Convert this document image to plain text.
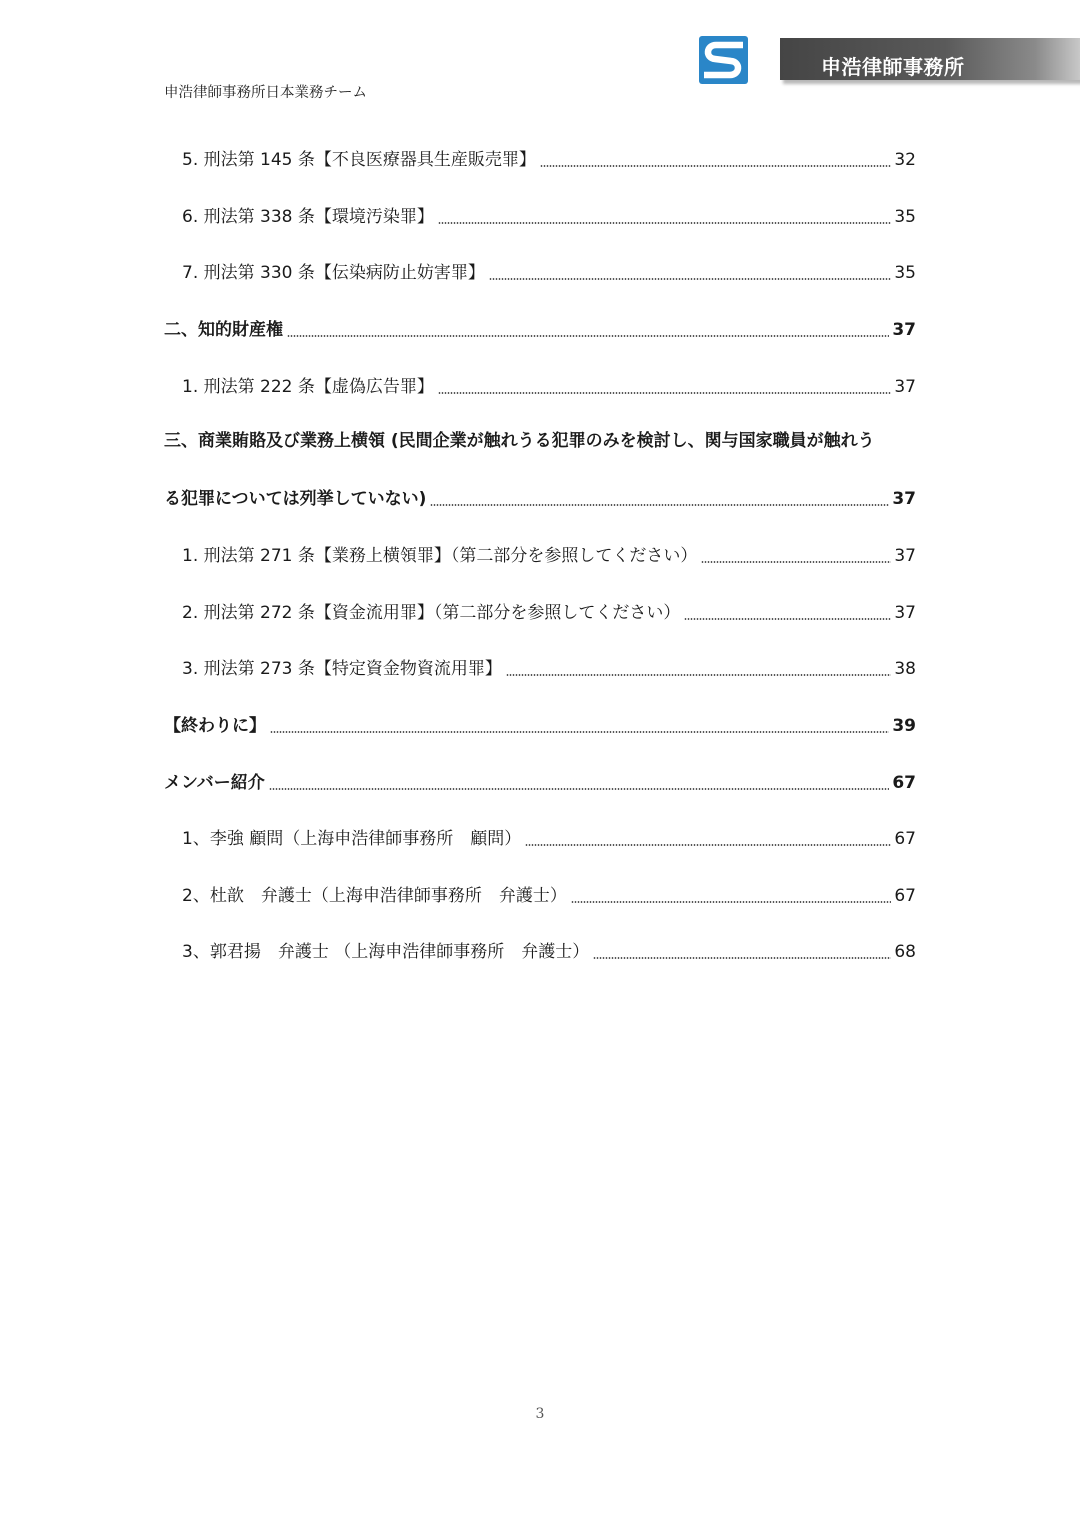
申浩律師事務所日本業務チーム
申浩律師事務所
5. 刑法第 145 条【不良医療器具生産販売罪】	32
6. 刑法第 338 条【環境汚染罪】	35
7. 刑法第 330 条【伝染病防止妨害罪】	35
二、知的財産権	37
1. 刑法第 222 条【虚偽広告罪】	37
三、商業賄賂及び業務上横領 (民間企業が触れうる犯罪のみを検討し、関与国家職員が触れう
る犯罪については列挙していない)	37
1. 刑法第 271 条【業務上横領罪】（第二部分を参照してください）	37
2. 刑法第 272 条【資金流用罪】（第二部分を参照してください）	37
3. 刑法第 273 条【特定資金物資流用罪】	38
【終わりに】	39
メンバー紹介	67
1、李強 顧問（上海申浩律師事務所　顧問）	67
2、杜歆　弁護士（上海申浩律師事務所　弁護士）	67
3、郭君揚　弁護士 （上海申浩律師事務所　弁護士）	68
3
